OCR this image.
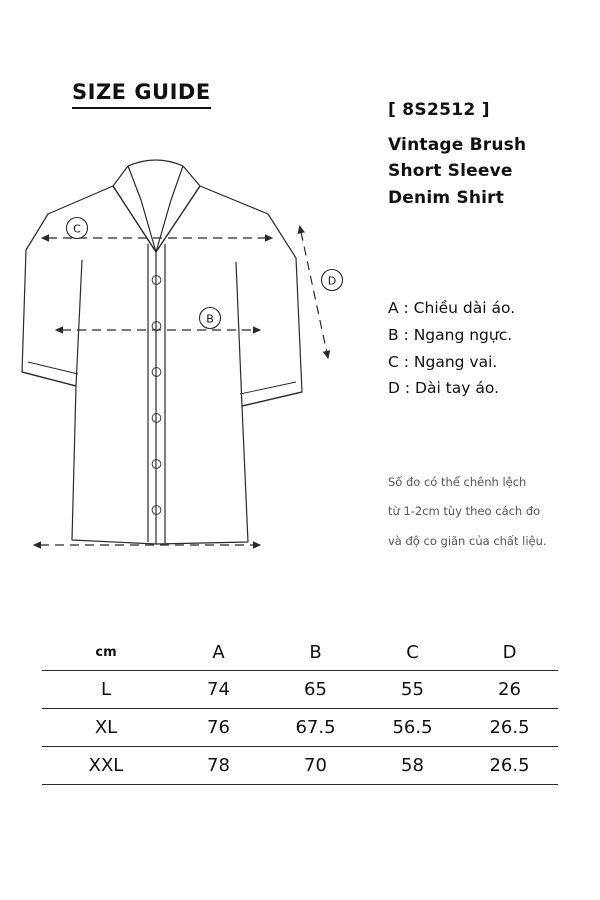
SIZE GUIDE
C
B
D
[ 8S2512 ]
Vintage Brush
Short Sleeve
Denim Shirt
A : Chiều dài áo.
B : Ngang ngực.
C : Ngang vai.
D : Dài tay áo.
Số đo có thể chênh lệch
từ 1-2cm tùy theo cách đo
và độ co giãn của chất liệu.
cm	A	B	C	D
L	74	65	55	26
XL	76	67.5	56.5	26.5
XXL	78	70	58	26.5
